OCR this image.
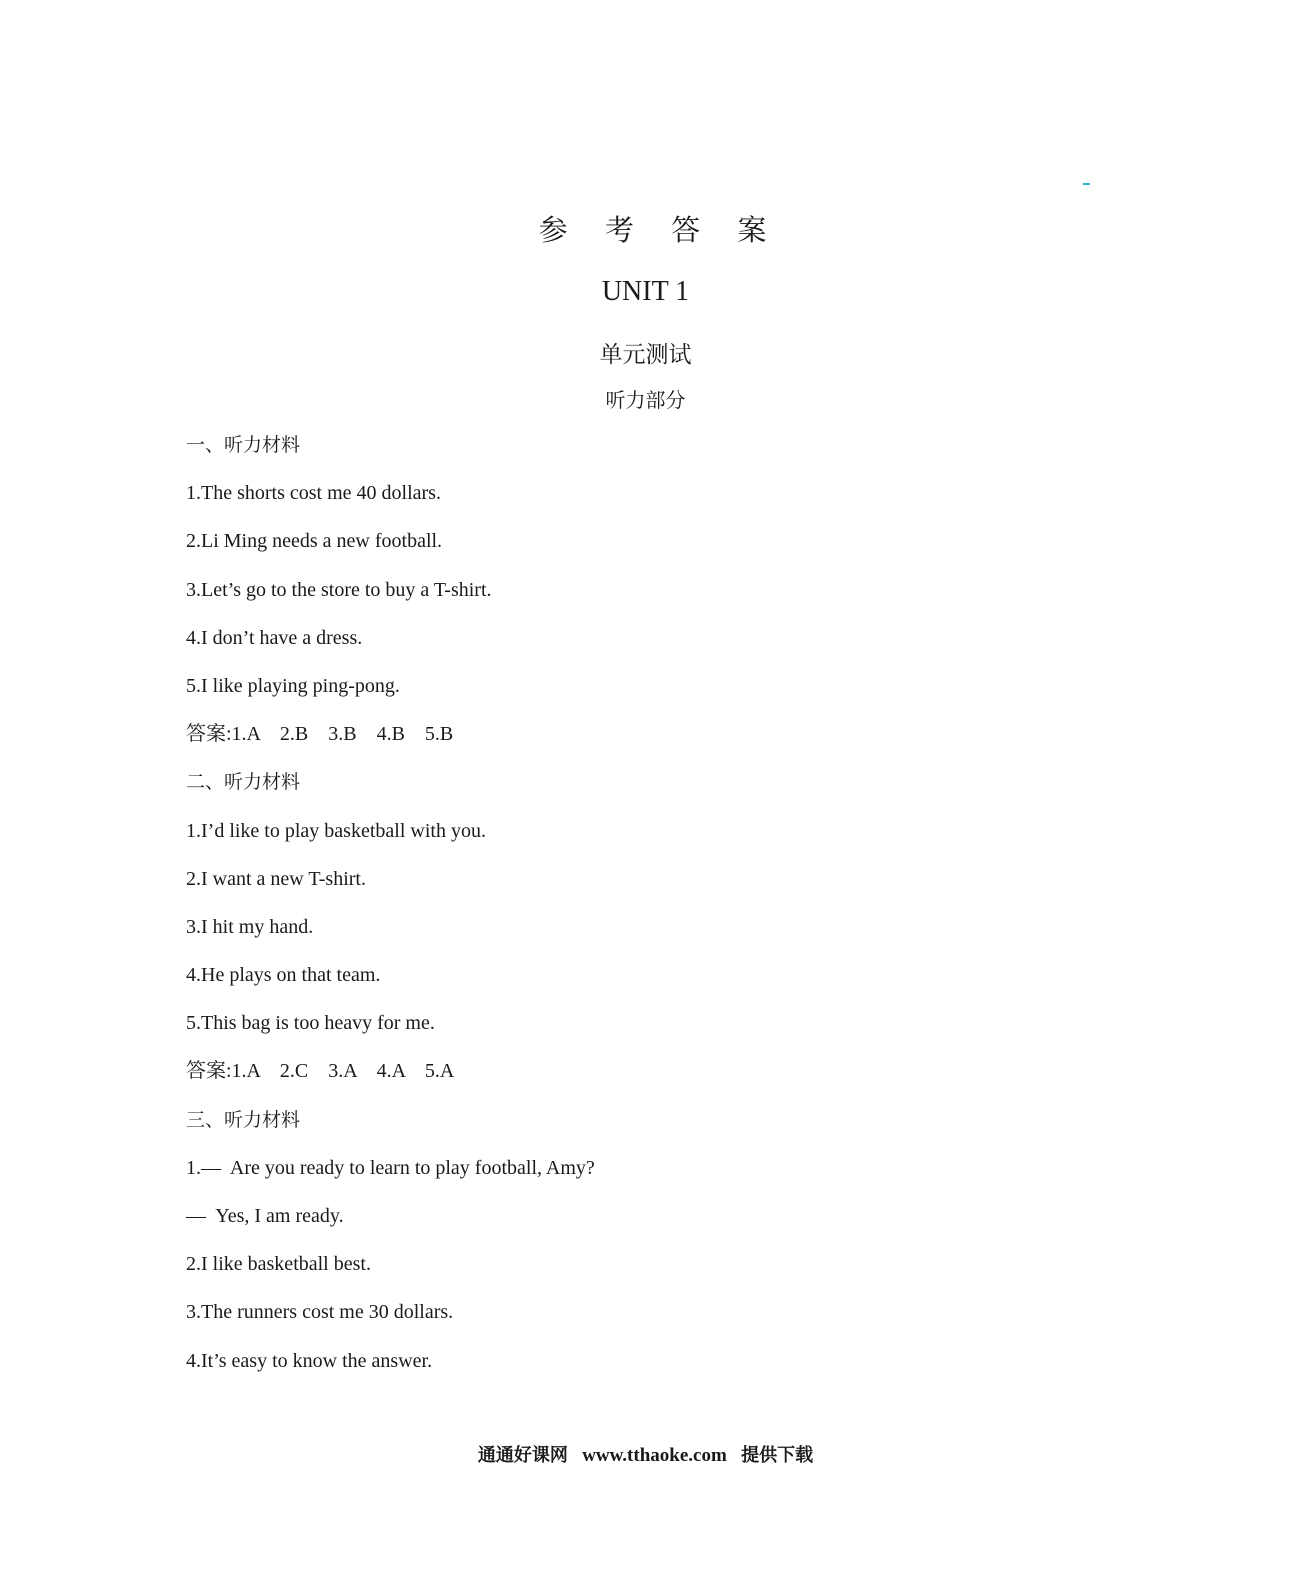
参 考 答 案
UNIT 1
单元测试
听力部分
一、听力材料
1.The shorts cost me 40 dollars.
2.Li Ming needs a new football.
3.Let’s go to the store to buy a T-shirt.
4.I don’t have a dress.
5.I like playing ping-pong.
答案:1.A    2.B    3.B    4.B    5.B
二、听力材料
1.I’d like to play basketball with you.
2.I want a new T-shirt.
3.I hit my hand.
4.He plays on that team.
5.This bag is too heavy for me.
答案:1.A    2.C    3.A    4.A    5.A
三、听力材料
1.—  Are you ready to learn to play football, Amy?
—  Yes, I am ready.
2.I like basketball best.
3.The runners cost me 30 dollars.
4.It’s easy to know the answer.
通通好课网 www.tthaoke.com 提供下载
